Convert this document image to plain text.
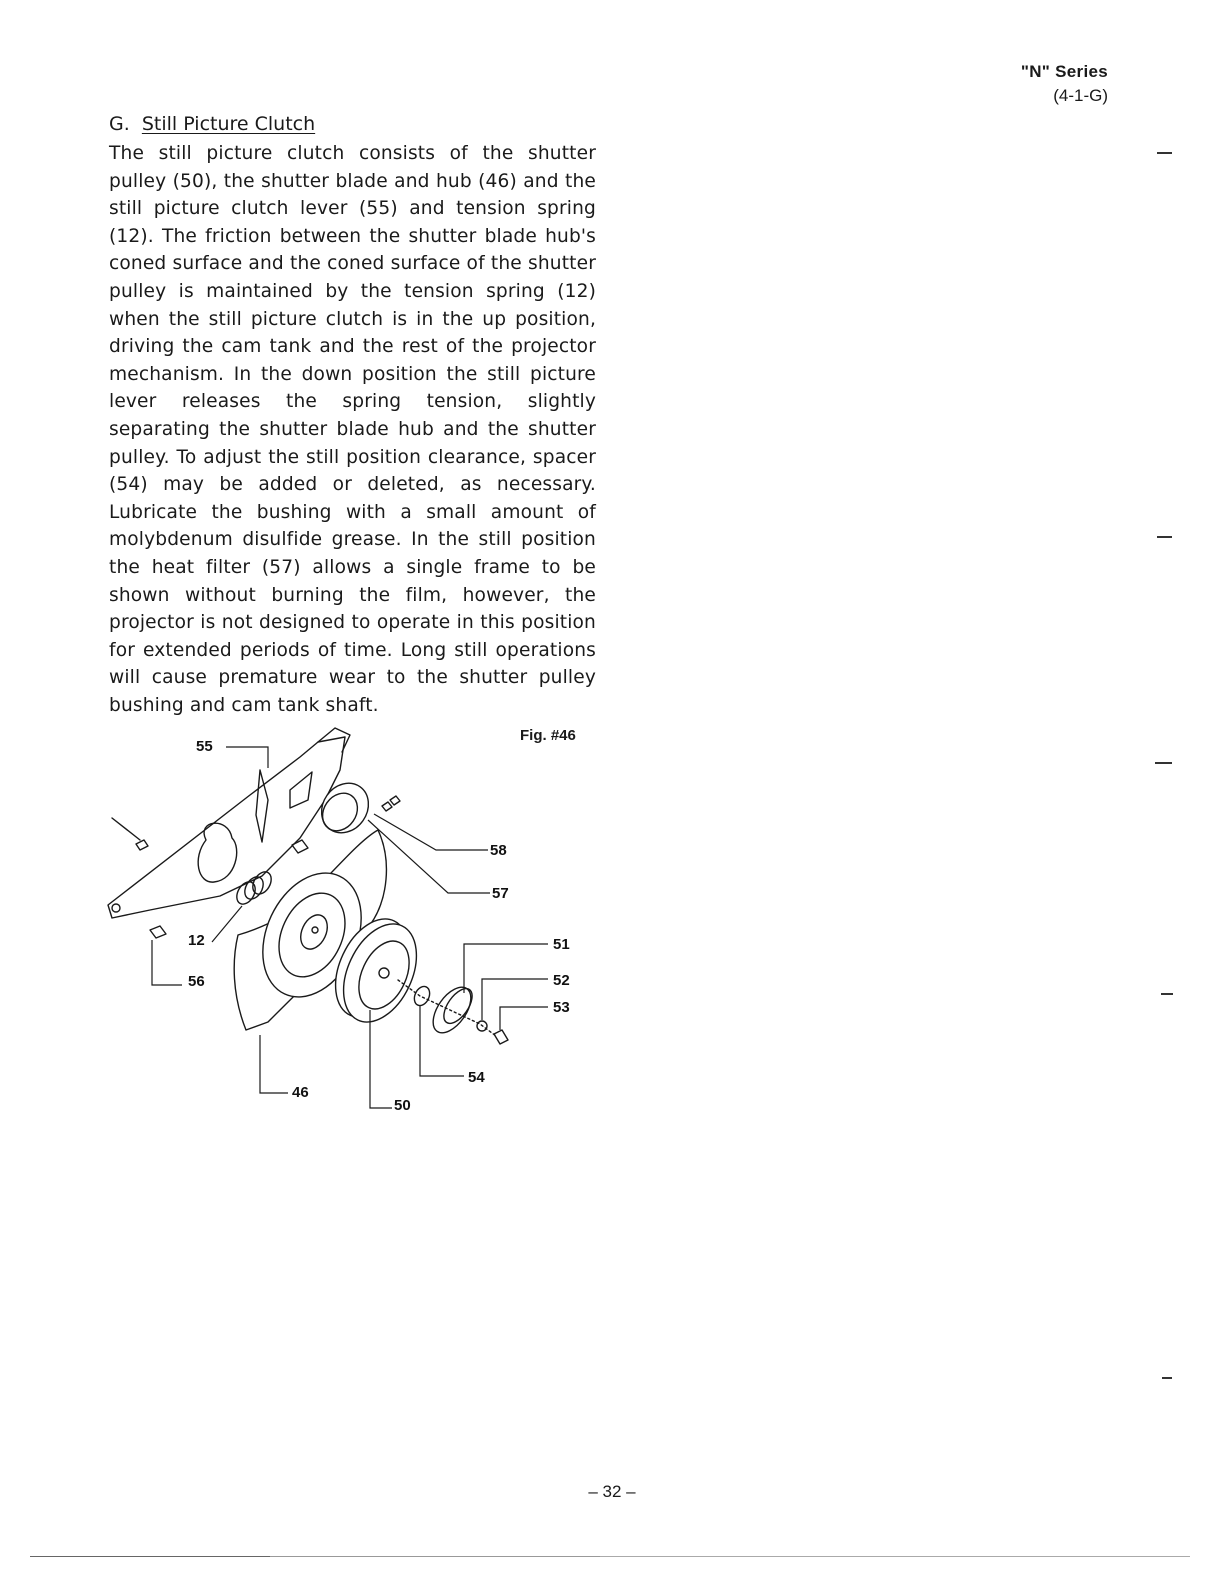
"N" Series
(4-1-G)
G. Still Picture Clutch

The still picture clutch consists of the shutter pulley (50), the shutter blade and hub (46) and the still picture clutch lever (55) and tension spring (12). The friction between the shutter blade hub's coned surface and the coned surface of the shutter pulley is maintained by the tension spring (12) when the still picture clutch is in the up position, driving the cam tank and the rest of the projector mechanism. In the down position the still picture lever releases the spring tension, slightly separating the shutter blade hub and the shutter pulley. To adjust the still position clearance, spacer (54) may be added or deleted, as necessary. Lubricate the bushing with a small amount of molybdenum disulfide grease. In the still position the heat filter (57) allows a single frame to be shown without burning the film, however, the projector is not designed to operate in this position for extended periods of time. Long still operations will cause premature wear to the shutter pulley bushing and cam tank shaft.

Fig. #46
55
58
57
51
12
52
53
56
54
46
50
– 32 –
